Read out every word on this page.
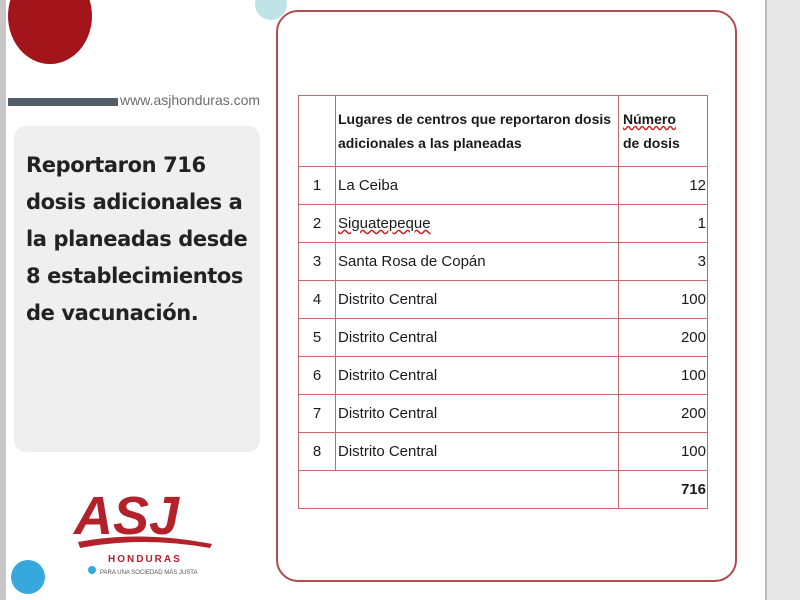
www.asjhonduras.com
Reportaron 716 dosis adicionales a la planeadas desde 8 establecimientos de vacunación.
ASJ
HONDURAS
PARA UNA SOCIEDAD MÁS JUSTA
	Lugares de centros que reportaron dosis adicionales a las planeadas	Número
de dosis
1	La Ceiba	12
2	Siguatepeque	1
3	Santa Rosa de Copán	3
4	Distrito Central	100
5	Distrito Central	200
6	Distrito Central	100
7	Distrito Central	200
8	Distrito Central	100
		716
